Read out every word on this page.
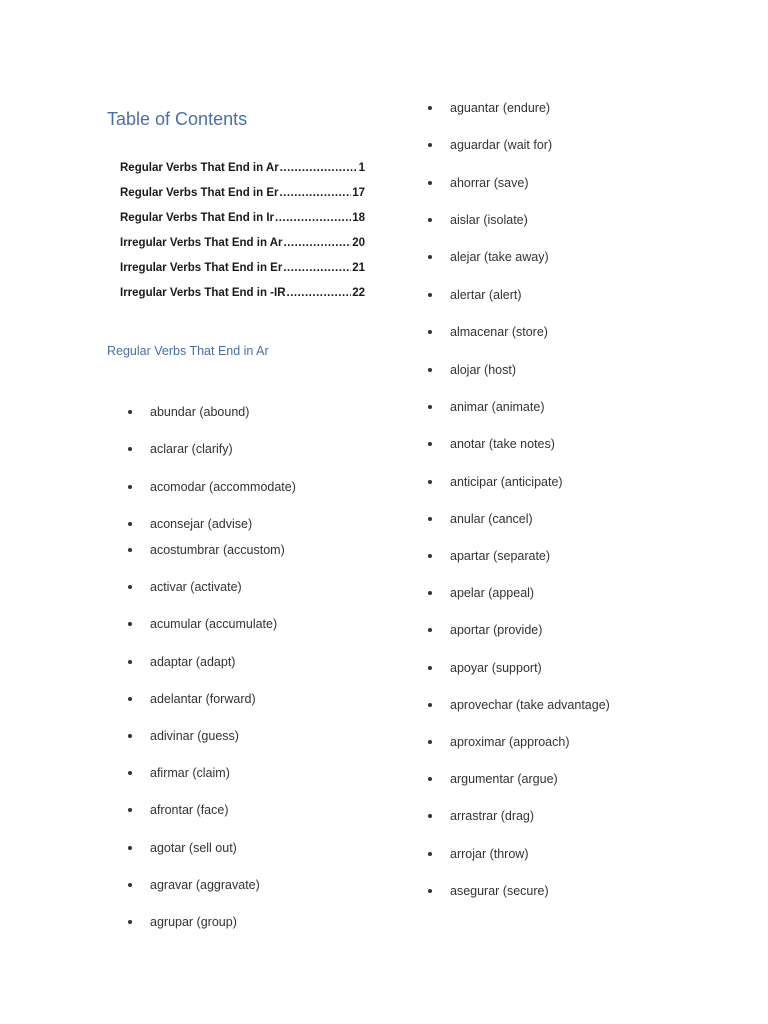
Table of Contents
Regular Verbs That End in Ar .....	1
Regular Verbs That End in Er .....	17
Regular Verbs That End in Ir .....	18
Irregular Verbs That End in Ar .....	20
Irregular Verbs That End in Er .....	21
Irregular Verbs That End in -IR .....	22
Regular Verbs That End in Ar
abundar (abound)
aclarar (clarify)
acomodar (accommodate)
aconsejar (advise)
acostumbrar (accustom)
activar (activate)
acumular (accumulate)
adaptar (adapt)
adelantar (forward)
adivinar (guess)
afirmar (claim)
afrontar (face)
agotar (sell out)
agravar (aggravate)
agrupar (group)
aguantar (endure)
aguardar (wait for)
ahorrar (save)
aislar (isolate)
alejar (take away)
alertar (alert)
almacenar (store)
alojar (host)
animar (animate)
anotar (take notes)
anticipar (anticipate)
anular (cancel)
apartar (separate)
apelar (appeal)
aportar (provide)
apoyar (support)
aprovechar (take advantage)
aproximar (approach)
argumentar (argue)
arrastrar (drag)
arrojar (throw)
asegurar (secure)
